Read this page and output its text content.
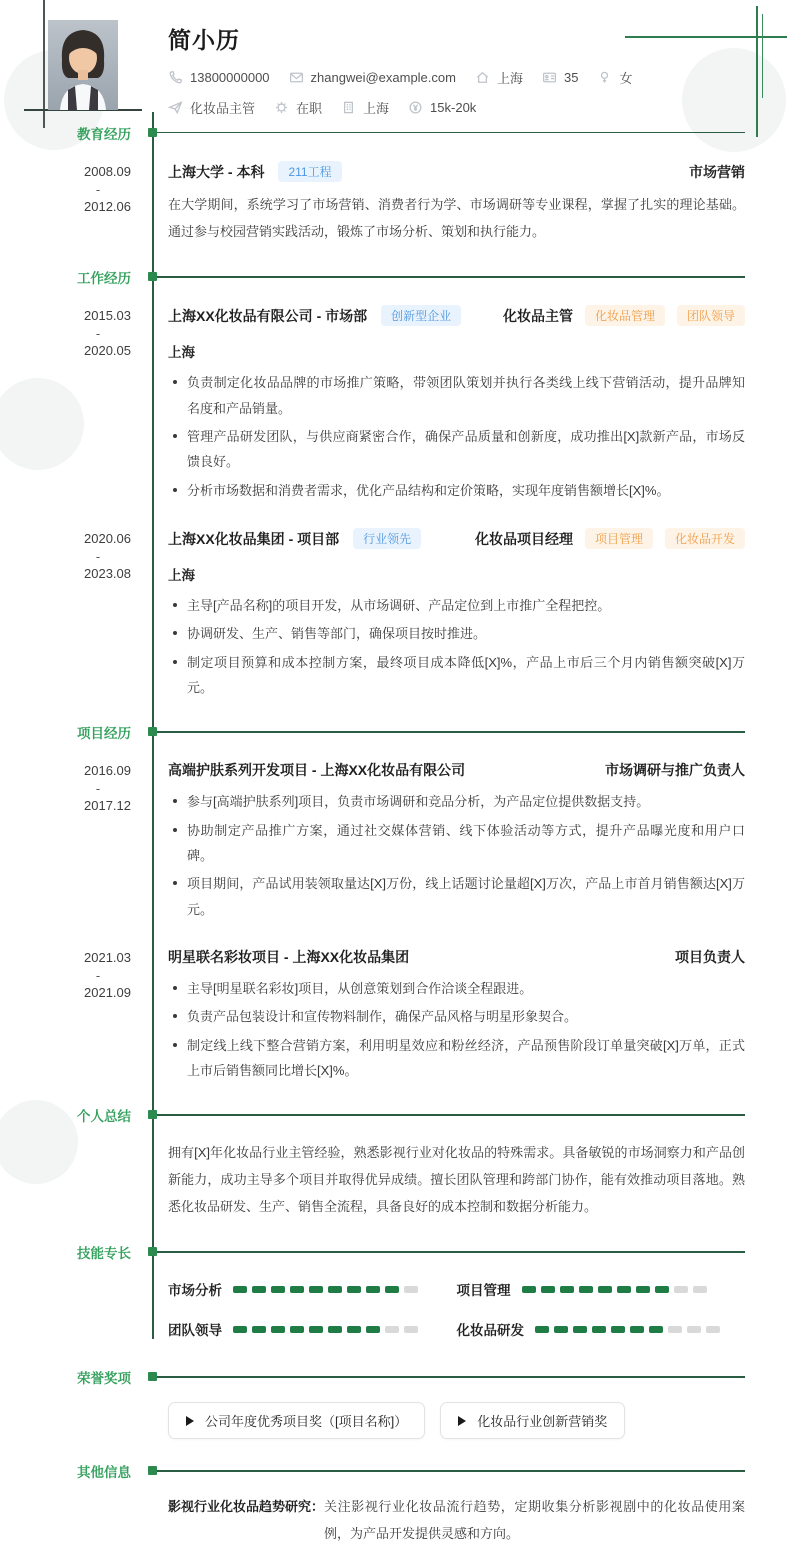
简小历
13800000000	zhangwei@example.com	上海	35	女
化妆品主管	在职	上海	15k-20k
教育经历
2008.09
-
2012.06
上海大学 - 本科	211工程	市场营销

在大学期间，系统学习了市场营销、消费者行为学、市场调研等专业课程，掌握了扎实的理论基础。通过参与校园营销实践活动，锻炼了市场分析、策划和执行能力。

工作经历
2015.03
-
2020.05
上海XX化妆品有限公司 - 市场部	创新型企业	化妆品主管	化妆品管理	团队领导
上海
负责制定化妆品品牌的市场推广策略，带领团队策划并执行各类线上线下营销活动，提升品牌知名度和产品销量。
管理产品研发团队，与供应商紧密合作，确保产品质量和创新度，成功推出[X]款新产品，市场反馈良好。
分析市场数据和消费者需求，优化产品结构和定价策略，实现年度销售额增长[X]%。
2020.06
-
2023.08
上海XX化妆品集团 - 项目部	行业领先	化妆品项目经理	项目管理	化妆品开发
上海
主导[产品名称]的项目开发，从市场调研、产品定位到上市推广全程把控。
协调研发、生产、销售等部门，确保项目按时推进。
制定项目预算和成本控制方案，最终项目成本降低[X]%，产品上市后三个月内销售额突破[X]万元。
项目经历
2016.09
-
2017.12
高端护肤系列开发项目 - 上海XX化妆品有限公司	市场调研与推广负责人
参与[高端护肤系列]项目，负责市场调研和竞品分析，为产品定位提供数据支持。
协助制定产品推广方案，通过社交媒体营销、线下体验活动等方式，提升产品曝光度和用户口碑。
项目期间，产品试用装领取量达[X]万份，线上话题讨论量超[X]万次，产品上市首月销售额达[X]万元。
2021.03
-
2021.09
明星联名彩妆项目 - 上海XX化妆品集团	项目负责人
主导[明星联名彩妆]项目，从创意策划到合作洽谈全程跟进。
负责产品包装设计和宣传物料制作，确保产品风格与明星形象契合。
制定线上线下整合营销方案，利用明星效应和粉丝经济，产品预售阶段订单量突破[X]万单，正式上市后销售额同比增长[X]%。
个人总结

拥有[X]年化妆品行业主管经验，熟悉影视行业对化妆品的特殊需求。具备敏锐的市场洞察力和产品创新能力，成功主导多个项目并取得优异成绩。擅长团队管理和跨部门协作，能有效推动项目落地。熟悉化妆品研发、生产、销售全流程，具备良好的成本控制和数据分析能力。

技能专长
市场分析	项目管理
团队领导	化妆品研发
荣誉奖项
公司年度优秀项目奖（[项目名称]）	化妆品行业创新营销奖
其他信息
影视行业化妆品趋势研究： 关注影视行业化妆品流行趋势，定期收集分析影视剧中的化妆品使用案例，为产品开发提供灵感和方向。
